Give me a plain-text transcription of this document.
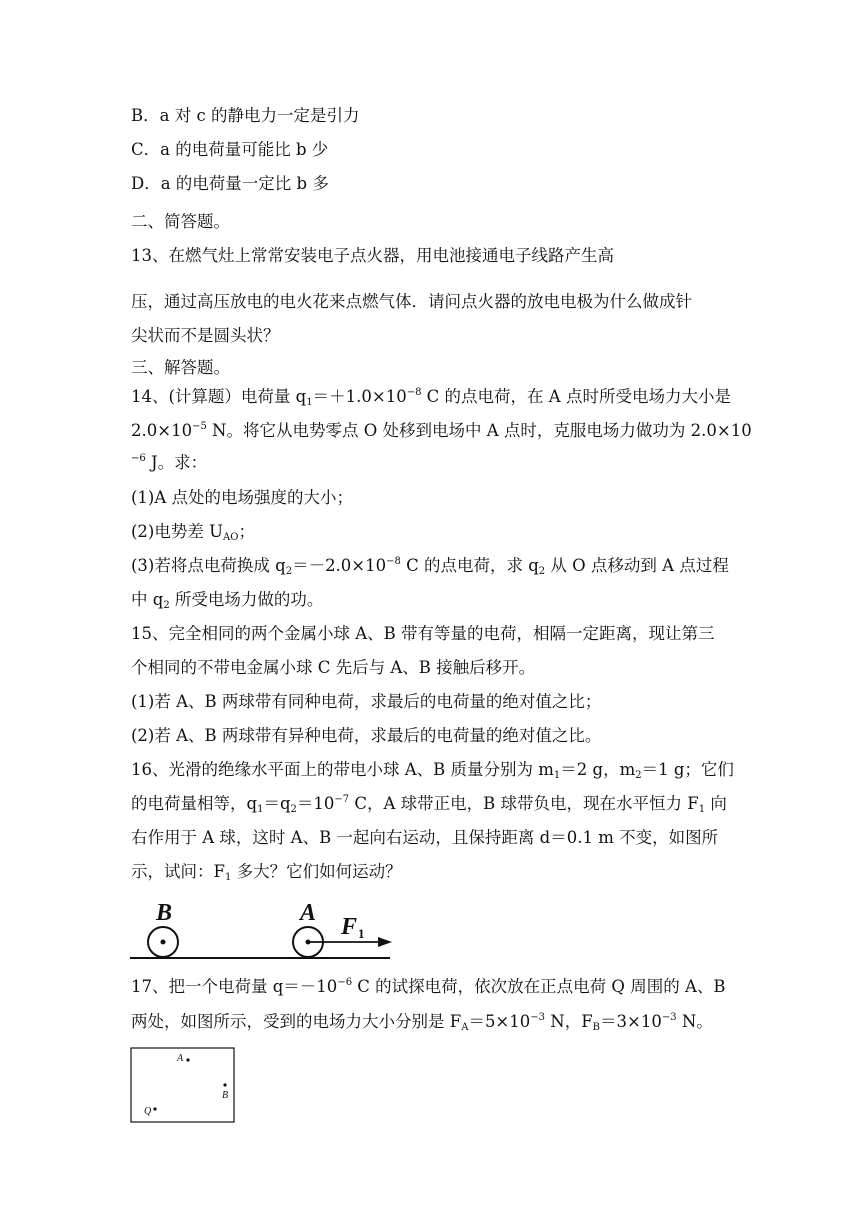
B．a 对 c 的静电力一定是引力
C．a 的电荷量可能比 b 少
D．a 的电荷量一定比 b 多
二、简答题。
13、在燃气灶上常常安装电子点火器，用电池接通电子线路产生高
压，通过高压放电的电火花来点燃气体．请问点火器的放电电极为什么做成针
尖状而不是圆头状？
三、解答题。
14、(计算题）电荷量 $q_1=+1.0\times 10^{-8}$ C 的点电荷，在 A 点时所受电场力大小是
$2.0\times 10^{-5}$ N。将它从电势零点 O 处移到电场中 A 点时，克服电场力做功为 2.0×10
$^{-6}$ J。求：
(1)A 点处的电场强度的大小；
(2)电势差 $U_{AO}$；
(3)若将点电荷换成 $q_2=-2.0\times 10^{-8}$ C 的点电荷，求 $q_2$ 从 O 点移动到 A 点过程
中 $q_2$ 所受电场力做的功。
15、完全相同的两个金属小球 A、B 带有等量的电荷，相隔一定距离，现让第三
个相同的不带电金属小球 C 先后与 A、B 接触后移开。
(1)若 A、B 两球带有同种电荷，求最后的电荷量的绝对值之比；
(2)若 A、B 两球带有异种电荷，求最后的电荷量的绝对值之比。
16、光滑的绝缘水平面上的带电小球 A、B 质量分别为 $m_1=2$ g，$m_2=1$ g；它们
的电荷量相等，$q_1=q_2=10^{-7}$ C，A 球带正电，B 球带负电，现在水平恒力 $F_1$ 向
右作用于 A 球，这时 A、B 一起向右运动，且保持距离 d＝0.1 m 不变，如图所
示，试问：$F_1$ 多大？它们如何运动？
B	A
F 1
17、把一个电荷量 $q=-10^{-6}$ C 的试探电荷，依次放在正点电荷 Q 周围的 A、B
两处，如图所示，受到的电场力大小分别是 $F_A=5\times 10^{-3}$ N，$F_B=3\times 10^{-3}$ N。
A
B
Q
